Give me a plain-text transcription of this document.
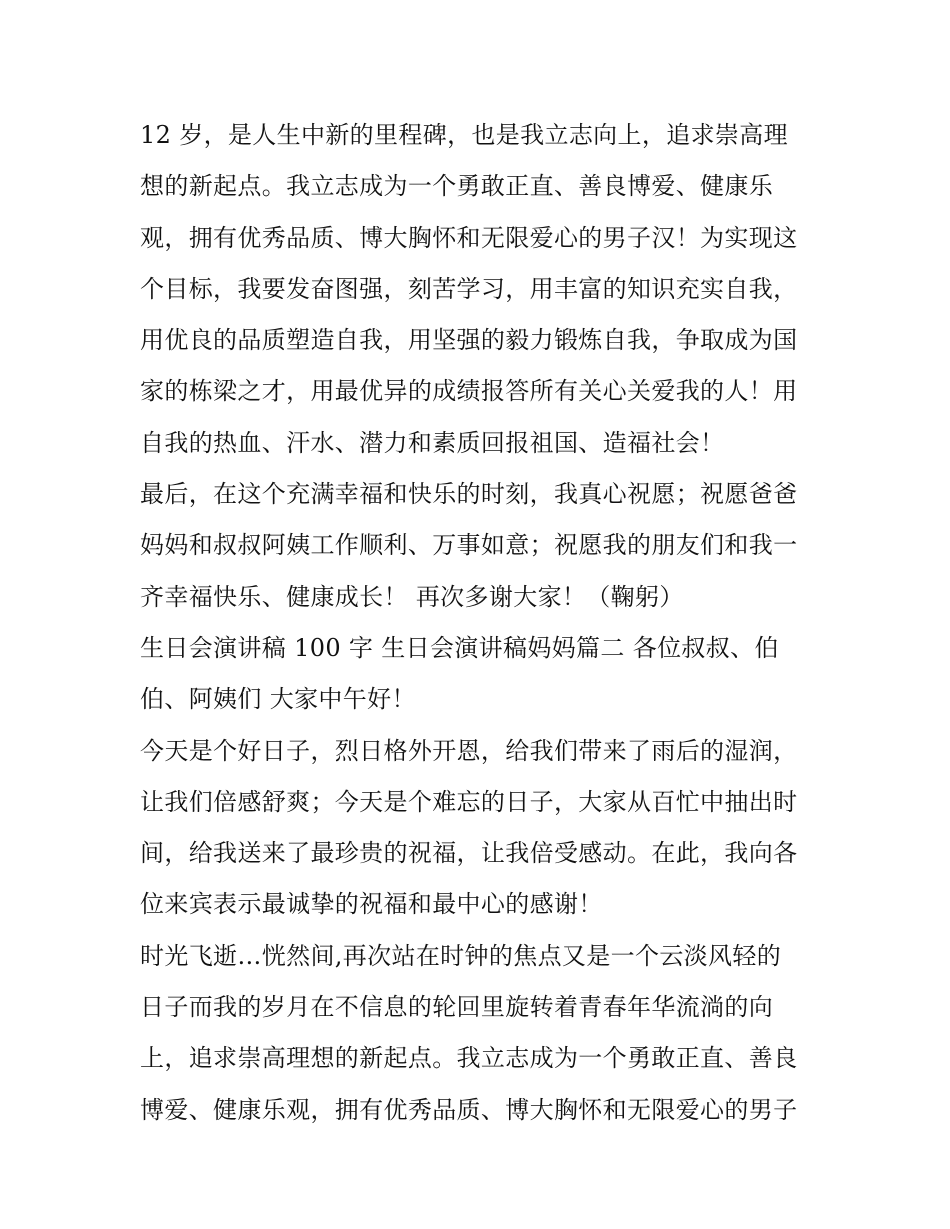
12 岁，是人生中新的里程碑，也是我立志向上，追求崇高理
想的新起点。我立志成为一个勇敢正直、善良博爱、健康乐
观，拥有优秀品质、博大胸怀和无限爱心的男子汉！为实现这
个目标，我要发奋图强，刻苦学习，用丰富的知识充实自我，
用优良的品质塑造自我，用坚强的毅力锻炼自我，争取成为国
家的栋梁之才，用最优异的成绩报答所有关心关爱我的人！用
自我的热血、汗水、潜力和素质回报祖国、造福社会！
最后，在这个充满幸福和快乐的时刻，我真心祝愿；祝愿爸爸
妈妈和叔叔阿姨工作顺利、万事如意；祝愿我的朋友们和我一
齐幸福快乐、健康成长！ 再次多谢大家！（鞠躬）
生日会演讲稿 100 字 生日会演讲稿妈妈篇二 各位叔叔、伯
伯、阿姨们 大家中午好！
今天是个好日子，烈日格外开恩，给我们带来了雨后的湿润，
让我们倍感舒爽；今天是个难忘的日子，大家从百忙中抽出时
间，给我送来了最珍贵的祝福，让我倍受感动。在此，我向各
位来宾表示最诚挚的祝福和最中心的感谢！
时光飞逝…恍然间,再次站在时钟的焦点又是一个云淡风轻的
日子而我的岁月在不信息的轮回里旋转着青春年华流淌的向
上，追求崇高理想的新起点。我立志成为一个勇敢正直、善良
博爱、健康乐观，拥有优秀品质、博大胸怀和无限爱心的男子
